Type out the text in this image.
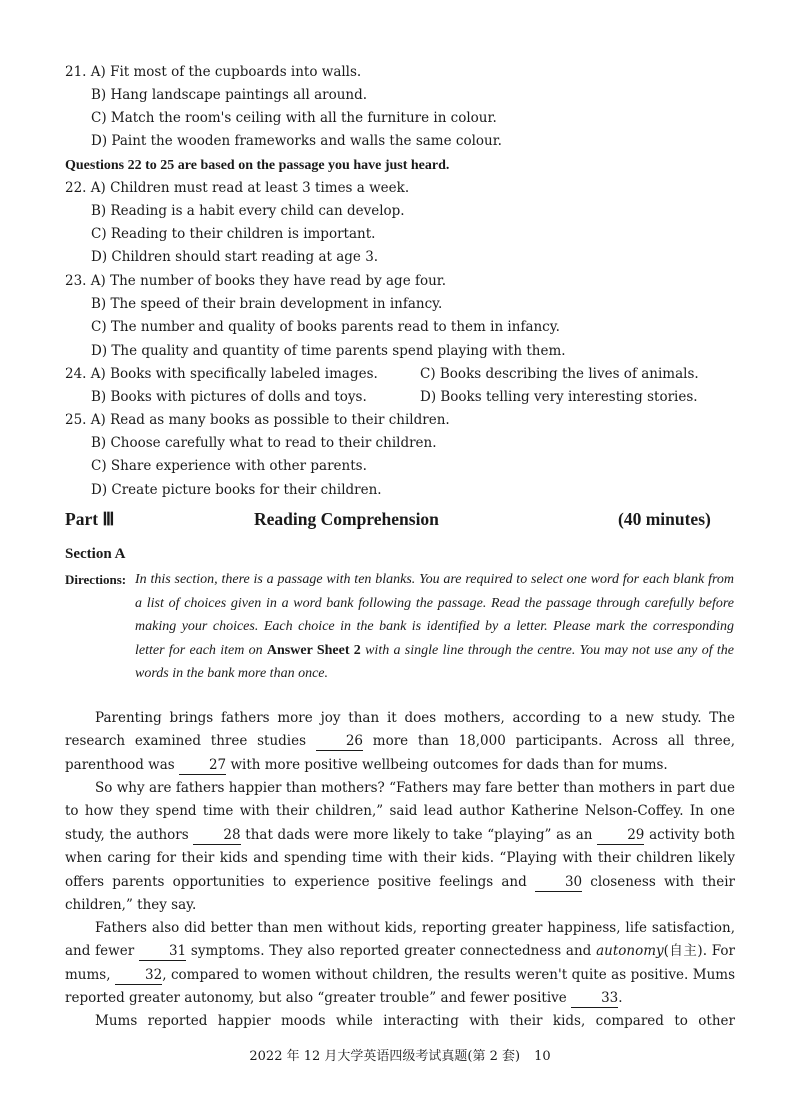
21. A) Fit most of the cupboards into walls.
B) Hang landscape paintings all around.
C) Match the room's ceiling with all the furniture in colour.
D) Paint the wooden frameworks and walls the same colour.
Questions 22 to 25 are based on the passage you have just heard.
22. A) Children must read at least 3 times a week.
B) Reading is a habit every child can develop.
C) Reading to their children is important.
D) Children should start reading at age 3.
23. A) The number of books they have read by age four.
B) The speed of their brain development in infancy.
C) The number and quality of books parents read to them in infancy.
D) The quality and quantity of time parents spend playing with them.
24. A) Books with specifically labeled images.	C) Books describing the lives of animals.
B) Books with pictures of dolls and toys.	D) Books telling very interesting stories.
25. A) Read as many books as possible to their children.
B) Choose carefully what to read to their children.
C) Share experience with other parents.
D) Create picture books for their children.
Part Ⅲ	Reading Comprehension	(40 minutes)
Section A
Directions: In this section, there is a passage with ten blanks. You are required to select one word for each blank from a list of choices given in a word bank following the passage. Read the passage through carefully before making your choices. Each choice in the bank is identified by a letter. Please mark the corresponding letter for each item on Answer Sheet 2 with a single line through the centre. You may not use any of the words in the bank more than once.
Parenting brings fathers more joy than it does mothers, according to a new study. The research examined three studies 26 more than 18,000 participants. Across all three, parenthood was 27 with more positive wellbeing outcomes for dads than for mums.
So why are fathers happier than mothers? “Fathers may fare better than mothers in part due to how they spend time with their children,” said lead author Katherine Nelson-Coffey. In one study, the authors 28 that dads were more likely to take “playing” as an 29 activity both when caring for their kids and spending time with their kids. “Playing with their children likely offers parents opportunities to experience positive feelings and 30 closeness with their children,” they say.
Fathers also did better than men without kids, reporting greater happiness, life satisfaction, and fewer 31 symptoms. They also reported greater connectedness and autonomy(自主). For mums, 32, compared to women without children, the results weren't quite as positive. Mums reported greater autonomy, but also “greater trouble” and fewer positive 33.
Mums reported happier moods while interacting with their kids, compared to other
2022 年 12 月大学英语四级考试真题(第 2 套) 10
